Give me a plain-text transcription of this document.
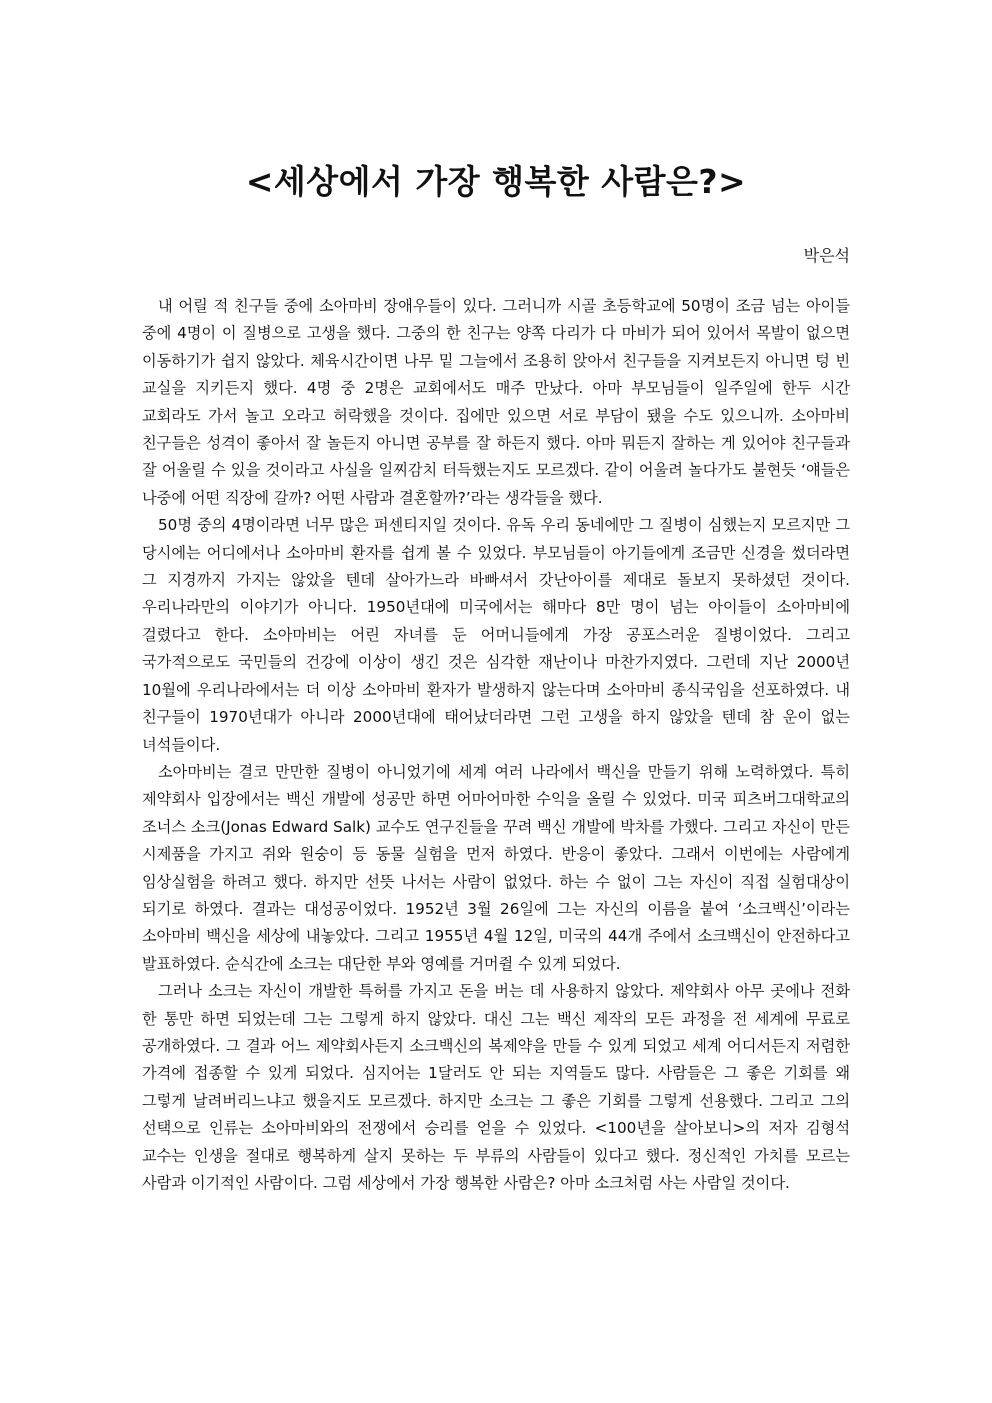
<세상에서 가장 행복한 사람은?>
박은석

내 어릴 적 친구들 중에 소아마비 장애우들이 있다. 그러니까 시골 초등학교에 50명이 조금 넘는 아이들 중에 4명이 이 질병으로 고생을 했다. 그중의 한 친구는 양쪽 다리가 다 마비가 되어 있어서 목발이 없으면 이동하기가 쉽지 않았다. 체육시간이면 나무 밑 그늘에서 조용히 앉아서 친구들을 지켜보든지 아니면 텅 빈 교실을 지키든지 했다. 4명 중 2명은 교회에서도 매주 만났다. 아마 부모님들이 일주일에 한두 시간 교회라도 가서 놀고 오라고 허락했을 것이다. 집에만 있으면 서로 부담이 됐을 수도 있으니까. 소아마비 친구들은 성격이 좋아서 잘 놀든지 아니면 공부를 잘 하든지 했다. 아마 뭐든지 잘하는 게 있어야 친구들과 잘 어울릴 수 있을 것이라고 사실을 일찌감치 터득했는지도 모르겠다. 같이 어울려 놀다가도 불현듯 ‘얘들은 나중에 어떤 직장에 갈까? 어떤 사람과 결혼할까?’라는 생각들을 했다.

50명 중의 4명이라면 너무 많은 퍼센티지일 것이다. 유독 우리 동네에만 그 질병이 심했는지 모르지만 그 당시에는 어디에서나 소아마비 환자를 쉽게 볼 수 있었다. 부모님들이 아기들에게 조금만 신경을 썼더라면 그 지경까지 가지는 않았을 텐데 살아가느라 바빠셔서 갓난아이를 제대로 돌보지 못하셨던 것이다. 우리나라만의 이야기가 아니다. 1950년대에 미국에서는 해마다 8만 명이 넘는 아이들이 소아마비에 걸렸다고 한다. 소아마비는 어린 자녀를 둔 어머니들에게 가장 공포스러운 질병이었다. 그리고 국가적으로도 국민들의 건강에 이상이 생긴 것은 심각한 재난이나 마찬가지였다. 그런데 지난 2000년 10월에 우리나라에서는 더 이상 소아마비 환자가 발생하지 않는다며 소아마비 종식국임을 선포하였다. 내 친구들이 1970년대가 아니라 2000년대에 태어났더라면 그런 고생을 하지 않았을 텐데 참 운이 없는 녀석들이다.

소아마비는 결코 만만한 질병이 아니었기에 세계 여러 나라에서 백신을 만들기 위해 노력하였다. 특히 제약회사 입장에서는 백신 개발에 성공만 하면 어마어마한 수익을 올릴 수 있었다. 미국 피츠버그대학교의 조너스 소크(Jonas Edward Salk) 교수도 연구진들을 꾸려 백신 개발에 박차를 가했다. 그리고 자신이 만든 시제품을 가지고 쥐와 원숭이 등 동물 실험을 먼저 하였다. 반응이 좋았다. 그래서 이번에는 사람에게 임상실험을 하려고 했다. 하지만 선뜻 나서는 사람이 없었다. 하는 수 없이 그는 자신이 직접 실험대상이 되기로 하였다. 결과는 대성공이었다. 1952년 3월 26일에 그는 자신의 이름을 붙여 ‘소크백신’이라는 소아마비 백신을 세상에 내놓았다. 그리고 1955년 4월 12일, 미국의 44개 주에서 소크백신이 안전하다고 발표하였다. 순식간에 소크는 대단한 부와 영예를 거머쥘 수 있게 되었다.

그러나 소크는 자신이 개발한 특허를 가지고 돈을 버는 데 사용하지 않았다. 제약회사 아무 곳에나 전화 한 통만 하면 되었는데 그는 그렇게 하지 않았다. 대신 그는 백신 제작의 모든 과정을 전 세계에 무료로 공개하였다. 그 결과 어느 제약회사든지 소크백신의 복제약을 만들 수 있게 되었고 세계 어디서든지 저렴한 가격에 접종할 수 있게 되었다. 심지어는 1달러도 안 되는 지역들도 많다. 사람들은 그 좋은 기회를 왜 그렇게 날려버리느냐고 했을지도 모르겠다. 하지만 소크는 그 좋은 기회를 그렇게 선용했다. 그리고 그의 선택으로 인류는 소아마비와의 전쟁에서 승리를 얻을 수 있었다. <100년을 살아보니>의 저자 김형석 교수는 인생을 절대로 행복하게 살지 못하는 두 부류의 사람들이 있다고 했다. 정신적인 가치를 모르는 사람과 이기적인 사람이다. 그럼 세상에서 가장 행복한 사람은? 아마 소크처럼 사는 사람일 것이다.
